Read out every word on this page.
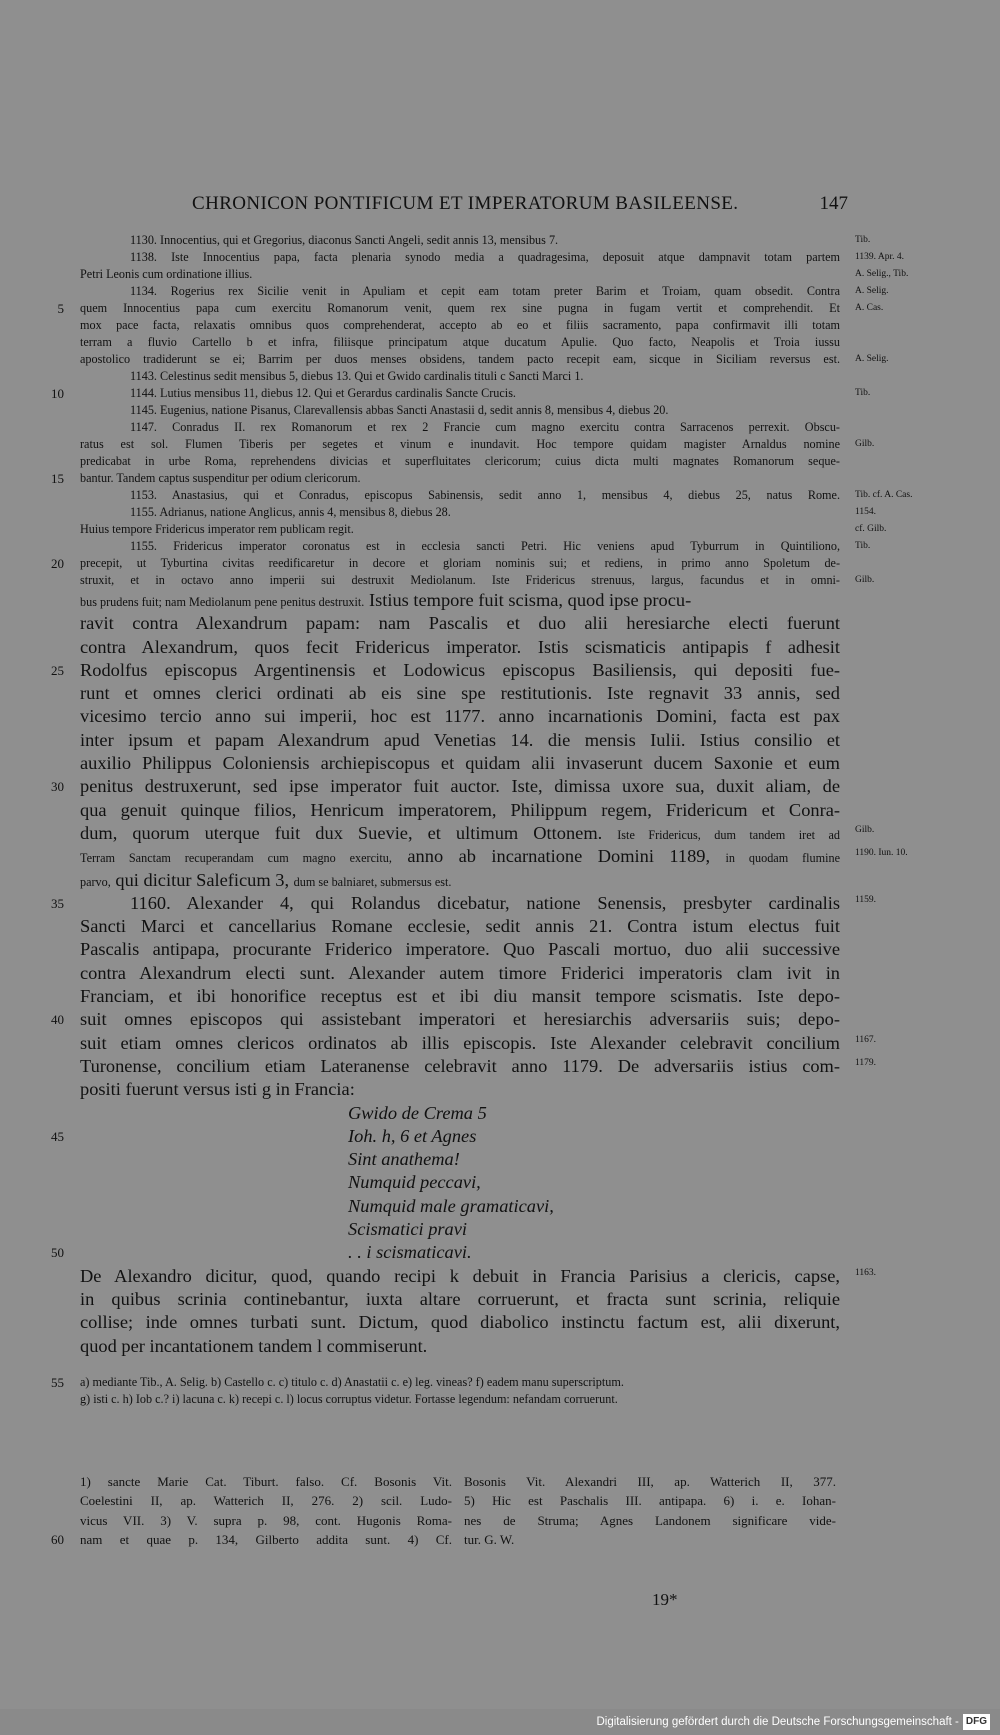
CHRONICON PONTIFICUM ET IMPERATORUM BASILEENSE.	147
Tib.
1130. Innocentius, qui et Gregorius, diaconus Sancti Angeli, sedit annis 13, mensibus 7.
1139. Apr. 4.
1138. Iste Innocentius papa, facta plenaria synodo media a quadragesima, deposuit atque dampnavit totam partem
A. Selig., Tib.
Petri Leonis cum ordinatione illius.
A. Selig.
1134. Rogerius rex Sicilie venit in Apuliam et cepit eam totam preter Barim et Troiam, quam obsedit. Contra
5	A. Cas.
quem Innocentius papa cum exercitu Romanorum venit, quem rex sine pugna in fugam vertit et comprehendit. Et
mox pace facta, relaxatis omnibus quos comprehenderat, accepto ab eo et filiis sacramento, papa confirmavit illi totam
terram a fluvio Cartello b et infra, filiisque principatum atque ducatum Apulie. Quo facto, Neapolis et Troia iussu
A. Selig.
apostolico tradiderunt se ei; Barrim per duos menses obsidens, tandem pacto recepit eam, sicque in Siciliam reversus est.
1143. Celestinus sedit mensibus 5, diebus 13. Qui et Gwido cardinalis tituli c Sancti Marci 1.
10	Tib.
1144. Lutius mensibus 11, diebus 12. Qui et Gerardus cardinalis Sancte Crucis.
1145. Eugenius, natione Pisanus, Clarevallensis abbas Sancti Anastasii d, sedit annis 8, mensibus 4, diebus 20.
1147. Conradus II. rex Romanorum et rex 2 Francie cum magno exercitu contra Sarracenos perrexit. Obscu-
Gilb.
ratus est sol. Flumen Tiberis per segetes et vinum e inundavit. Hoc tempore quidam magister Arnaldus nomine
predicabat in urbe Roma, reprehendens divicias et superfluitates clericorum; cuius dicta multi magnates Romanorum seque-
15 bantur. Tandem captus suspenditur per odium clericorum.
Tib. cf. A. Cas.
1153. Anastasius, qui et Conradus, episcopus Sabinensis, sedit anno 1, mensibus 4, diebus 25, natus Rome.
1154.
1155. Adrianus, natione Anglicus, annis 4, mensibus 8, diebus 28.
cf. Gilb.
Huius tempore Fridericus imperator rem publicam regit.
Tib.
1155. Fridericus imperator coronatus est in ecclesia sancti Petri. Hic veniens apud Tyburrum in Quintiliono,
20 precepit, ut Tyburtina civitas reedificaretur in decore et gloriam nominis sui; et rediens, in primo anno Spoletum de-
Gilb.
struxit, et in octavo anno imperii sui destruxit Mediolanum. Iste Fridericus strenuus, largus, facundus et in omni-
bus prudens fuit; nam Mediolanum pene penitus destruxit. Istius tempore fuit scisma, quod ipse procu-
ravit contra Alexandrum papam: nam Pascalis et duo alii heresiarche electi fuerunt
contra Alexandrum, quos fecit Fridericus imperator. Istis scismaticis antipapis f adhesit
25 Rodolfus episcopus Argentinensis et Lodowicus episcopus Basiliensis, qui depositi fue-
runt et omnes clerici ordinati ab eis sine spe restitutionis. Iste regnavit 33 annis, sed
vicesimo tercio anno sui imperii, hoc est 1177. anno incarnationis Domini, facta est pax
inter ipsum et papam Alexandrum apud Venetias 14. die mensis Iulii. Istius consilio et
auxilio Philippus Coloniensis archiepiscopus et quidam alii invaserunt ducem Saxonie et eum
30 penitus destruxerunt, sed ipse imperator fuit auctor. Iste, dimissa uxore sua, duxit aliam, de
qua genuit quinque filios, Henricum imperatorem, Philippum regem, Fridericum et Conra-
Gilb.
dum, quorum uterque fuit dux Suevie, et ultimum Ottonem. Iste Fridericus, dum tandem iret ad
1190. Iun. 10.
Terram Sanctam recuperandam cum magno exercitu, anno ab incarnatione Domini 1189, in quodam flumine
parvo, qui dicitur Saleficum 3, dum se balniaret, submersus est.
35	1159.
1160. Alexander 4, qui Rolandus dicebatur, natione Senensis, presbyter cardinalis
Sancti Marci et cancellarius Romane ecclesie, sedit annis 21. Contra istum electus fuit
Pascalis antipapa, procurante Friderico imperatore. Quo Pascali mortuo, duo alii successive
contra Alexandrum electi sunt. Alexander autem timore Friderici imperatoris clam ivit in
Franciam, et ibi honorifice receptus est et ibi diu mansit tempore scismatis. Iste depo-
40 suit omnes episcopos qui assistebant imperatori et heresiarchis adversariis suis; depo-
1167.
suit etiam omnes clericos ordinatos ab illis episcopis. Iste Alexander celebravit concilium
1179.
Turonense, concilium etiam Lateranense celebravit anno 1179. De adversariis istius com-
positi fuerunt versus isti g in Francia:
Gwido de Crema 5
45	Ioh. h, 6 et Agnes
Sint anathema!
Numquid peccavi,
Numquid male gramaticavi,
Scismatici pravi
50	. . i scismaticavi.
1163.
De Alexandro dicitur, quod, quando recipi k debuit in Francia Parisius a clericis, capse,
in quibus scrinia continebantur, iuxta altare corruerunt, et fracta sunt scrinia, reliquie
collise; inde omnes turbati sunt. Dictum, quod diabolico instinctu factum est, alii dixerunt,
quod per incantationem tandem l commiserunt.
55 a) mediante Tib., A. Selig. b) Castello c. c) titulo c. d) Anastatii c. e) leg. vineas? f) eadem manu superscriptum.
g) isti c. h) Iob c.? i) lacuna c. k) recepi c. l) locus corruptus videtur. Fortasse legendum: nefandam corruerunt.
1) sancte Marie Cat. Tiburt. falso. Cf. Bosonis Vit.
Coelestini II, ap. Watterich II, 276. 2) scil. Ludo-
vicus VII. 3) V. supra p. 98, cont. Hugonis Roma-
60 nam et quae p. 134, Gilberto addita sunt. 4) Cf.
Bosonis Vit. Alexandri III, ap. Watterich II, 377.
5) Hic est Paschalis III. antipapa. 6) i. e. Iohan-
nes de Struma; Agnes Landonem significare vide-
tur. G. W.
19*
Digitalisierung gefördert durch die Deutsche Forschungsgemeinschaft - DFG
